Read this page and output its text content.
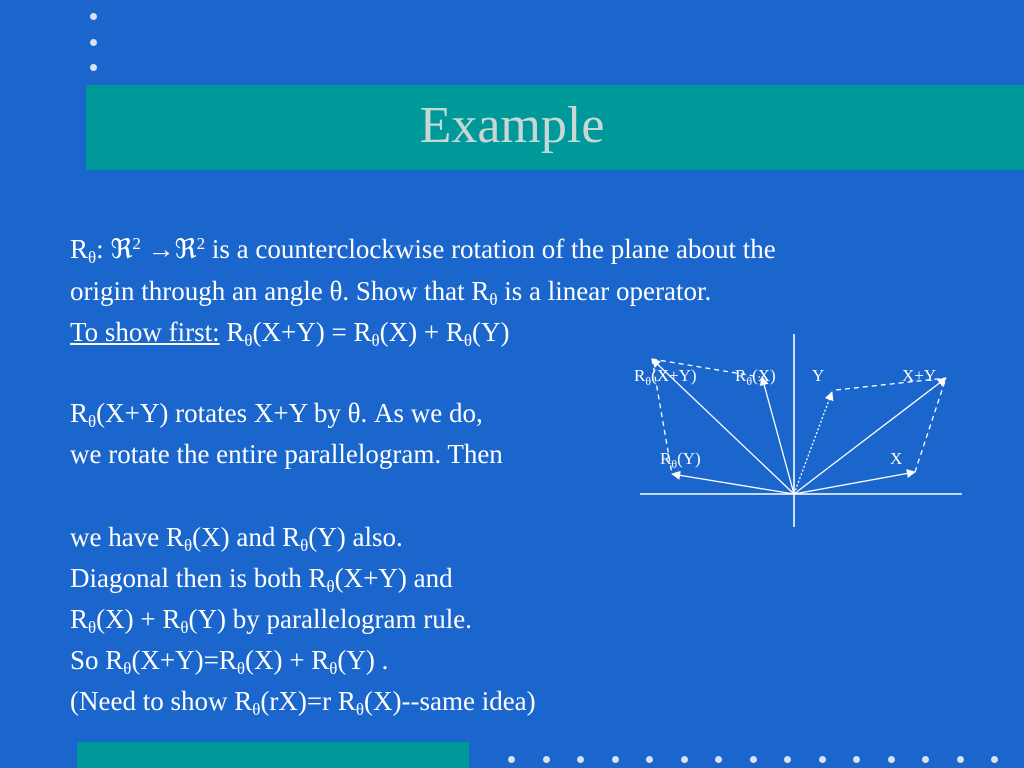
Example
$R_\theta$: ℜ$^2$ →ℜ$^2$ is a counterclockwise rotation of the plane about the
origin through an angle θ. Show that $R_\theta$ is a linear operator.
To show first: $R_\theta(X+Y) = R_\theta(X) + R_\theta(Y)$
$R_\theta(X+Y)$ rotates X+Y by θ. As we do,
we rotate the entire parallelogram. Then
we have $R_\theta(X)$ and $R_\theta(Y)$ also.
Diagonal then is both $R_\theta(X+Y)$ and
$R_\theta(X) + R_\theta(Y)$ by parallelogram rule.
So $R_\theta(X+Y)=R_\theta(X) + R_\theta(Y)$ .
(Need to show $R_\theta(rX)=r$ $R_\theta(X)-$-same idea)
$R_\theta(X+Y)$ $R_\theta(X)$ Y	X+Y
$R_\theta(Y)$	X
